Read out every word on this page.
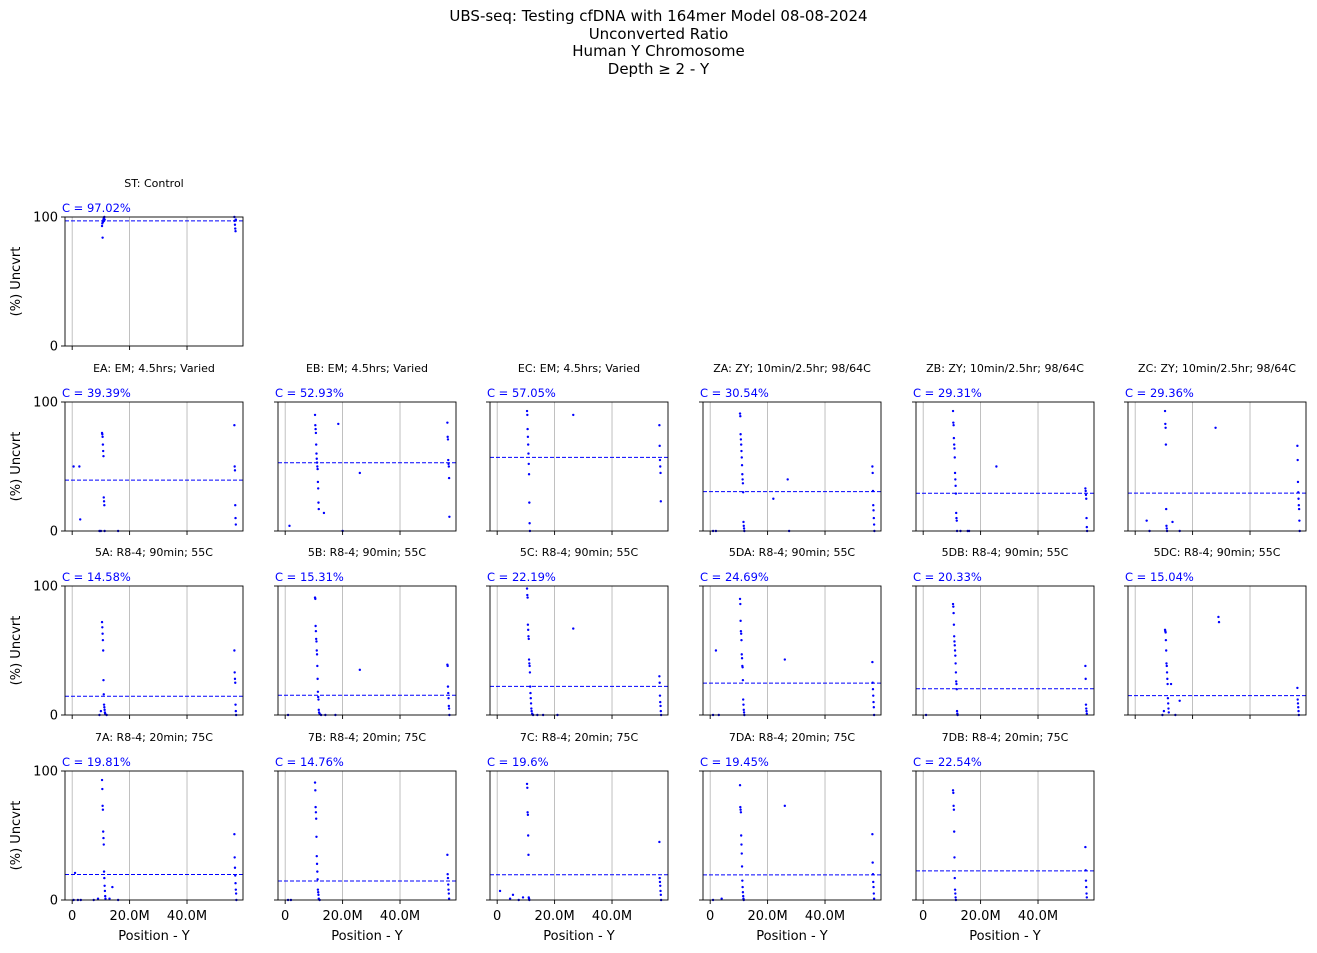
UBS-seq: Testing cfDNA with 164mer Model 08-08-2024
Unconverted Ratio
Human Y Chromosome
Depth ≥ 2 - Y
0
100
ST: Control
C = 97.02%
(%) Uncvrt
0
100
EA: EM; 4.5hrs; Varied
C = 39.39%
(%) Uncvrt
EB: EM; 4.5hrs; Varied
C = 52.93%
EC: EM; 4.5hrs; Varied
C = 57.05%
ZA: ZY; 10min/2.5hr; 98/64C
C = 30.54%
ZB: ZY; 10min/2.5hr; 98/64C
C = 29.31%
ZC: ZY; 10min/2.5hr; 98/64C
C = 29.36%
0
100
5A: R8-4; 90min; 55C
C = 14.58%
(%) Uncvrt
5B: R8-4; 90min; 55C
C = 15.31%
5C: R8-4; 90min; 55C
C = 22.19%
5DA: R8-4; 90min; 55C
C = 24.69%
5DB: R8-4; 90min; 55C
C = 20.33%
5DC: R8-4; 90min; 55C
C = 15.04%
0
100
0	20.0M 40.0M
7A: R8-4; 20min; 75C
C = 19.81%
(%) Uncvrt
Position - Y
0	20.0M 40.0M
7B: R8-4; 20min; 75C
C = 14.76%
Position - Y
0	20.0M 40.0M
7C: R8-4; 20min; 75C
C = 19.6%
Position - Y
0	20.0M 40.0M
7DA: R8-4; 20min; 75C
C = 19.45%
Position - Y
0	20.0M 40.0M
7DB: R8-4; 20min; 75C
C = 22.54%
Position - Y
